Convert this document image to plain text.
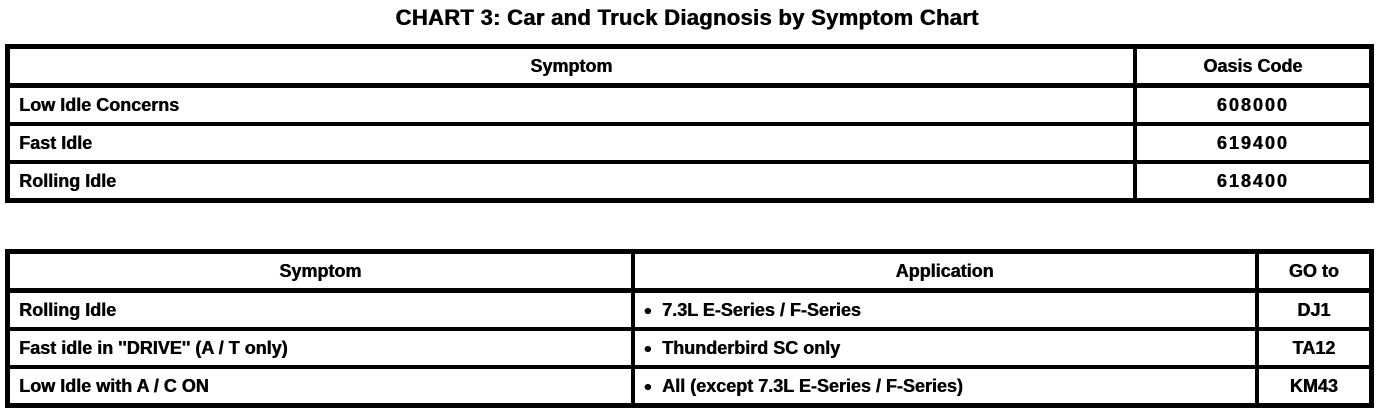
CHART 3: Car and Truck Diagnosis by Symptom Chart
Symptom	Oasis Code
Low Idle Concerns	608000
Fast Idle	619400
Rolling Idle	618400
Symptom	Application	GO to
Rolling Idle	● 7.3L E-Series / F-Series	DJ1
Fast idle in ''DRIVE'' (A / T only)	● Thunderbird SC only	TA12
Low Idle with A / C ON	● All (except 7.3L E-Series / F-Series)	KM43
